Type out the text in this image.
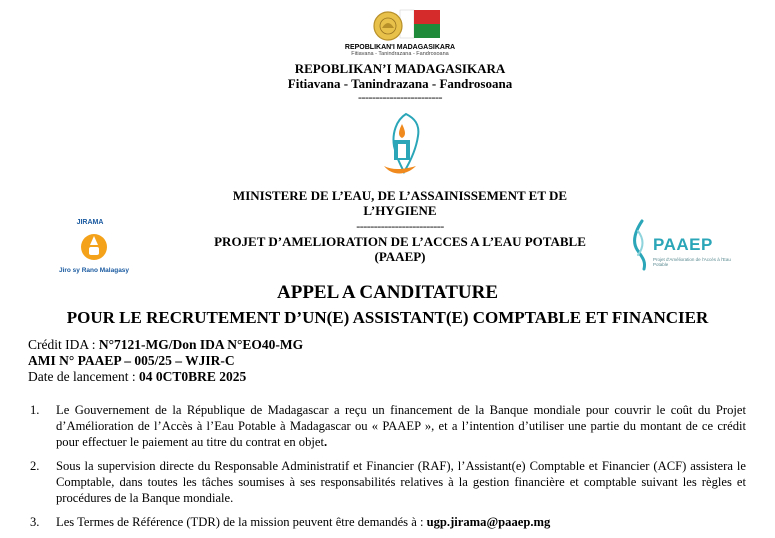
REPOBLIKAN'I MADAGASIKARA
Fitiavana - Tanindrazana - Fandrosoana
REPOBLIKAN’I MADAGASIKARA
Fitiavana - Tanindrazana - Fandrosoana
------------------------
MINISTERE DE L’EAU, DE L’ASSAINISSEMENT ET DE L’HYGIENE
-------------------------
PROJET D’AMELIORATION DE L’ACCES A L’EAU POTABLE (PAAEP)
JIRAMA
Jiro sy Rano Malagasy
PAAEP
Projet d'Amélioration de l'Accès à l'Eau Potable
APPEL A CANDITATURE
POUR LE RECRUTEMENT D’UN(E) ASSISTANT(E) COMPTABLE ET FINANCIER
Crédit IDA : N°7121-MG/Don IDA N°EO40-MG
AMI N° PAAEP – 005/25 – WJIR-C
Date de lancement : 04 0CT0BRE 2025
1. Le Gouvernement de la République de Madagascar a reçu un financement de la Banque mondiale pour couvrir le coût du Projet d’Amélioration de l’Accès à l’Eau Potable à Madagascar ou « PAAEP », et a l’intention d’utiliser une partie du montant de ce crédit pour effectuer le paiement au titre du contrat en objet.
2. Sous la supervision directe du Responsable Administratif et Financier (RAF), l’Assistant(e) Comptable et Financier (ACF) assistera le Comptable, dans toutes les tâches soumises à ses responsabilités relatives à la gestion financière et comptable suivant les règles et procédures de la Banque mondiale.
3. Les Termes de Référence (TDR) de la mission peuvent être demandés à : ugp.jirama@paaep.mg
